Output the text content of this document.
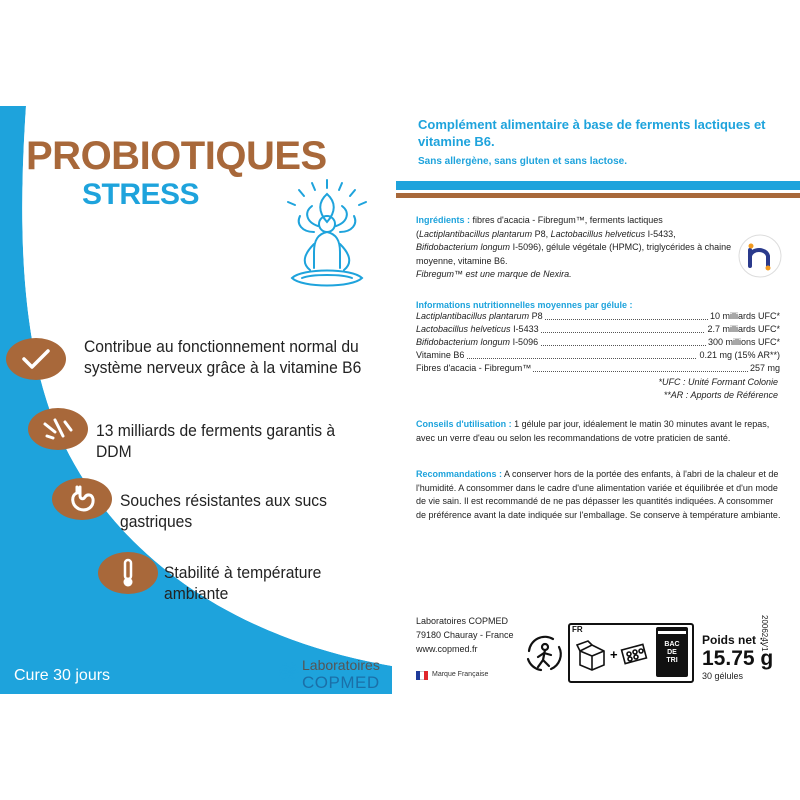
PROBIOTIQUES
STRESS
Contribue au fonctionnement normal du
système nerveux grâce à la vitamine B6
13 milliards de ferments garantis à DDM
Souches résistantes aux sucs gastriques
Stabilité à température ambiante
Cure 30 jours
Laboratoires
COPMED
Complément alimentaire à base de ferments lactiques et vitamine B6.
Sans allergène, sans gluten et sans lactose.
Ingrédients : fibres d'acacia - Fibregum™, ferments lactiques (Lactiplantibacillus plantarum P8, Lactobacillus helveticus I-5433, Bifidobacterium longum I-5096), gélule végétale (HPMC), triglycérides à chaine moyenne, vitamine B6.
Fibregum™ est une marque de Nexira.
Informations nutritionnelles moyennes par gélule :
Lactiplantibacillus plantarum P8	10 milliards UFC*
Lactobacillus helveticus I-5433	2.7 milliards UFC*
Bifidobacterium longum I-5096	300 millions UFC*
Vitamine B6	0.21 mg (15% AR**)
Fibres d'acacia - Fibregum™	257 mg
*UFC : Unité Formant Colonie
**AR : Apports de Référence
Conseils d'utilisation : 1 gélule par jour, idéalement le matin 30 minutes avant le repas, avec un verre d'eau ou selon les recommandations de votre praticien de santé.
Recommandations : A conserver hors de la portée des enfants, à l'abri de la chaleur et de l'humidité. A consommer dans le cadre d'une alimentation variée et équilibrée et d'un mode de vie sain. Il est recommandé de ne pas dépasser les quantités indiquées. A consommer de préférence avant la date indiquée sur l'emballage. Se conserve à température ambiante.
Laboratoires COPMED
79180 Chauray - France
www.copmed.fr
Marque Française
FR
+
BAC
DE
TRI
Poids net :
15.75 g
30 gélules
200624V1
